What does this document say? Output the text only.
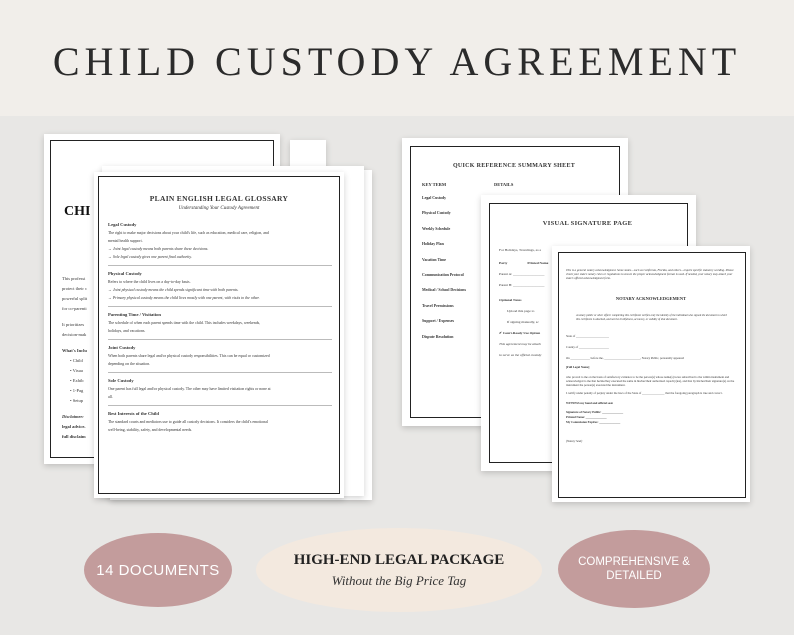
CHILD CUSTODY AGREEMENT
CHI
This professi
protect their c
powerful split
for co-parenti
It prioritizes
decision-mak
What's Inclu
• Child
• Visua
• Exhib
• 1-Pag
• Setup
Disclaimer:
legal advice.
full disclaim
PLAIN ENGLISH LEGAL GLOSSARY
Understanding Your Custody Agreement
Legal Custody
The right to make major decisions about your child's life, such as education, medical care, religion, and
mental health support.
→ Joint legal custody means both parents share these decisions.
→ Sole legal custody gives one parent final authority.
Physical Custody
Refers to where the child lives on a day-to-day basis.
→ Joint physical custody means the child spends significant time with both parents.
→ Primary physical custody means the child lives mostly with one parent, with visits to the other.
Parenting Time / Visitation
The schedule of when each parent spends time with the child. This includes weekdays, weekends,
holidays, and vacations.
Joint Custody
When both parents share legal and/or physical custody responsibilities. This can be equal or customized
depending on the situation.
Sole Custody
One parent has full legal and/or physical custody. The other may have limited visitation rights or none at
all.
Best Interests of the Child
The standard courts and mediators use to guide all custody decisions. It considers the child's emotional
well-being, stability, safety, and developmental needs.
QUICK REFERENCE SUMMARY SHEET
KEY TERM	DETAILS
Legal Custody
Physical Custody
Weekly Schedule
Holiday Plan
Vacation Time
Communication Protocol
Medical / School Decisions
Travel Permissions
Support / Expenses
Dispute Resolution
VISUAL SIGNATURE PAGE
For Holidays, Travelings, as a
Party	Printed Name
Parent A: __________________
Parent B: __________________
Optional Notes
Upload this page to
If signing manually, sc
✔ Court-Ready Use Option
This agreement may be attach
to serve as the official custody
This is a general notary acknowledgment. Some states—such as California, Florida, and others—require specific statutory wording. Please check your state's notary rules or regulations to ensure the proper acknowledgment format is used. If needed, your notary may attach your state's official acknowledgment form.
NOTARY ACKNOWLEDGEMENT
A notary public or other officer completing this certificate verifies only the identity of the individual who signed the document to which this certificate is attached, and not the truthfulness, accuracy, or validity of that document.
State of ______________________
County of ____________________
On _____________ before me, ________________________, Notary Public, personally appeared
[Full Legal Name]
who proved to me on the basis of satisfactory evidence to be the person(s) whose name(s) is/are subscribed to the within instrument and acknowledged to me that he/she/they executed the same in his/her/their authorized capacity(ies), and that by his/her/their signature(s) on the instrument the person(s) executed the instrument.
I certify under penalty of perjury under the laws of the State of _______________ that the foregoing paragraph is true and correct.
WITNESS my hand and official seal.
Signature of Notary Public: ______________
Printed Name: ______________
My Commission Expires: ______________
(Notary Seal)
14 DOCUMENTS
HIGH-END LEGAL PACKAGE
Without the Big Price Tag
COMPREHENSIVE &
DETAILED
